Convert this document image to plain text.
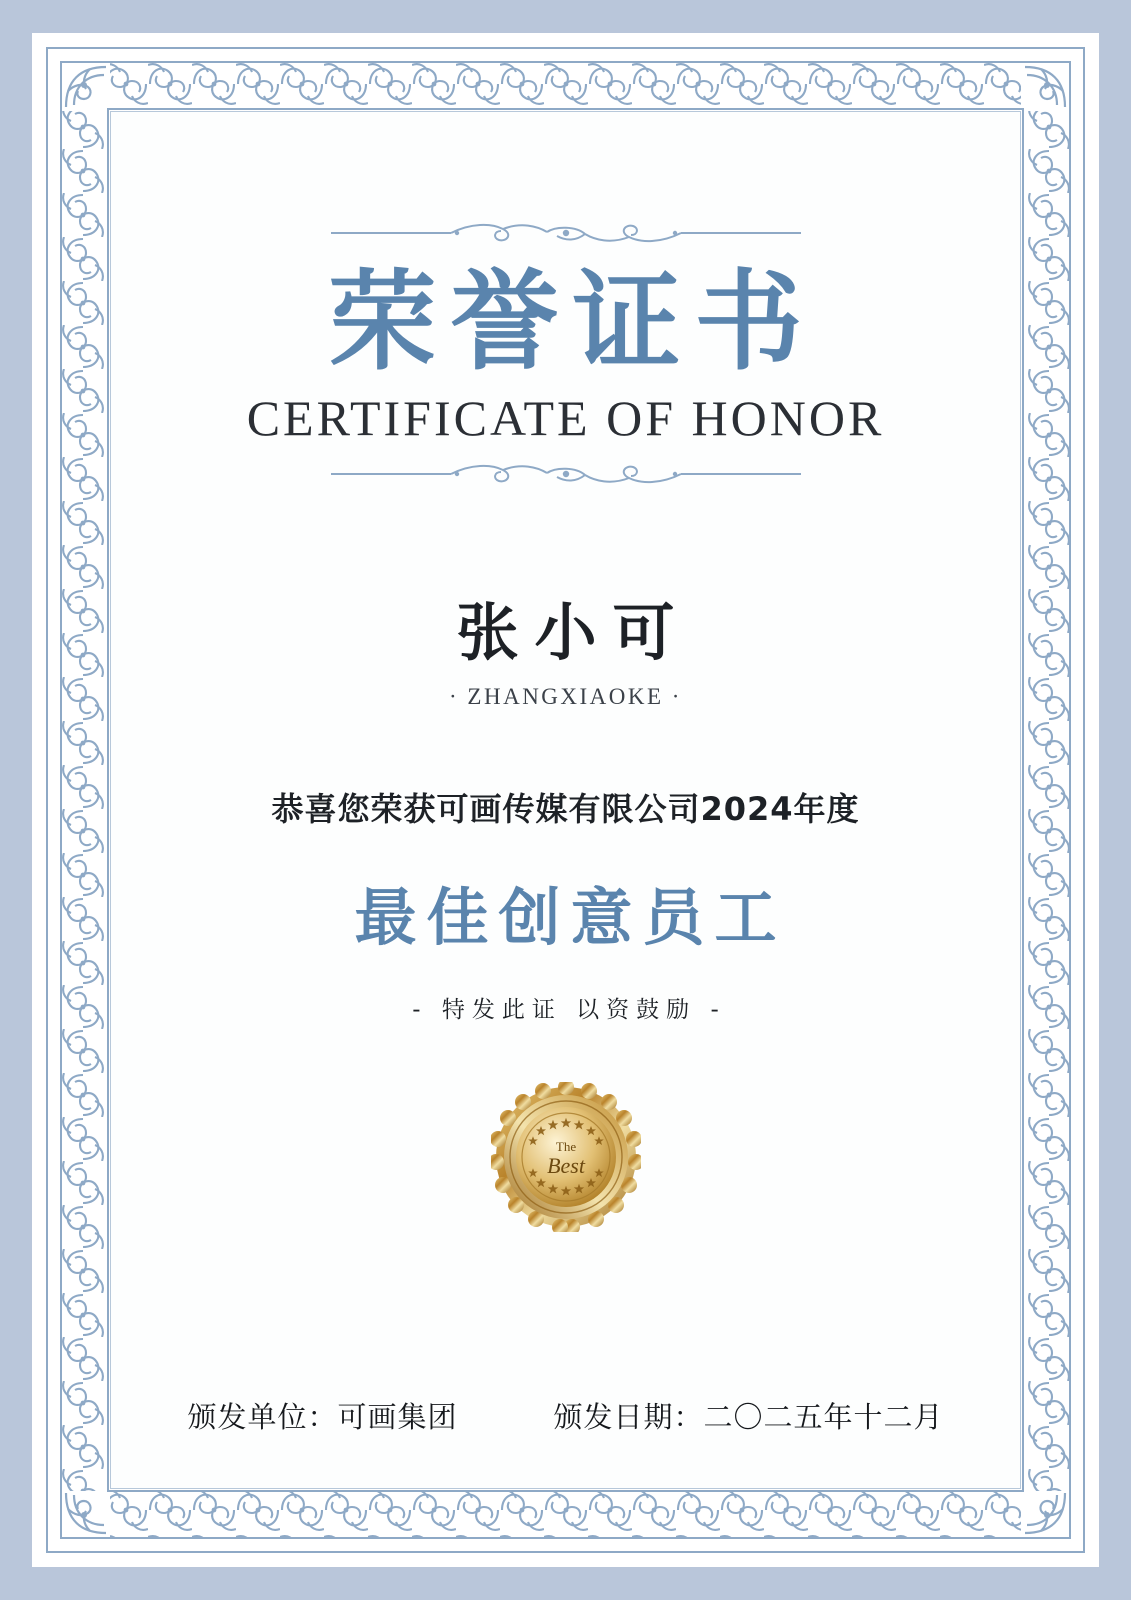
荣誉证书
CERTIFICATE OF HONOR
张小可
· ZHANGXIAOKE ·
恭喜您荣获可画传媒有限公司2024年度
最佳创意员工
- 特发此证 以资鼓励 -
The
Best
颁发单位：可画集团	颁发日期：二〇二五年十二月
